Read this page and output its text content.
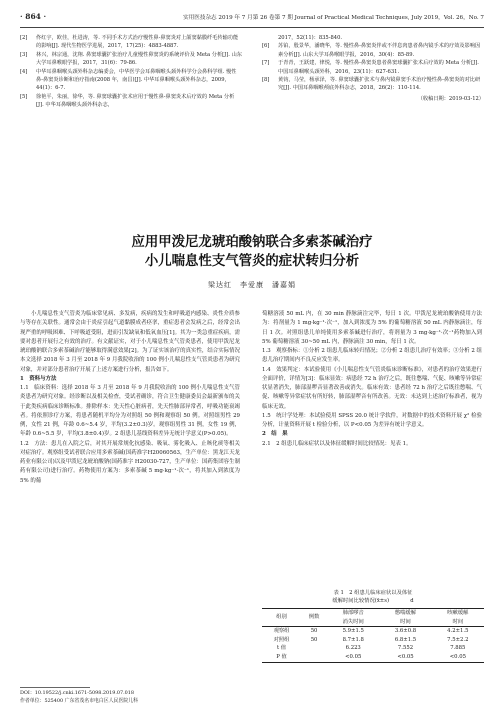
· 864 ·	实用医技杂志 2019 年 7 月第 26 卷第 7 期 Journal of Practical Medical Techniques, July 2019，Vol. 26，No. 7
[2]	佟红宇，欧佳，杜进涛，等. 不同手术方式治疗慢性鼻-鼻窦炎对上颌窦黏膜纤毛传输功能的影响[J]. 现代生物医学进展，2017，17(25)：4883-4887.
[3]	林兴，林宗通，沈翔. 鼻窦球囊扩张治疗儿童慢性鼻窦炎的系统评价及 Meta 分析[J]. 山东大学耳鼻喉眼学报，2017，31(6)：79-86.
[4]	中华耳鼻咽喉头颈外科杂志编委会，中华医学会耳鼻咽喉头颈外科学分会鼻科学组. 慢性鼻-鼻窦炎诊断和治疗指南(2008 年，南昌)[J]. 中华耳鼻咽喉头颈外科杂志，2009，44(1)：6-7.
[5]	徐艳平，朱丽，徐华，等. 鼻窦球囊扩张术应用于慢性鼻-鼻窦炎术后疗效的 Meta 分析[J]. 中华耳鼻咽喉头颈外科杂志，
2017，52(11)：835-840.
[6]	苏铂，殷景华，潘晓华，等. 慢性鼻-鼻窦炎伴或不伴息肉患者鼻内镜手术的疗效及影响因素分析[J]. 山东大学耳鼻喉眼学报，2016，30(4)：85-89.
[7]	于青青，王跃建，律悦，等. 慢性鼻-鼻窦炎患者鼻窦球囊扩张术后疗效的 Meta 分析[J]. 中国耳鼻咽喉头颈外科，2016，23(11)：627-631.
[8]	黄钧，马莹，杨承泽，等. 鼻窦球囊扩张术与鼻内镜鼻窦手术治疗慢性鼻-鼻窦炎的对比研究[J]. 中国耳鼻咽喉颅底外科杂志，2018，26(2)：110-114.
（收稿日期：2019-03-12）
应用甲泼尼龙琥珀酸钠联合多索茶碱治疗
小儿喘息性支气管炎的症状转归分析
梁达红　李爱康　潘嘉娟

小儿喘息性支气管炎为临床常见病、多发病，疾病的发生和呼吸道内感染、炎性介质参与等存在关联性。通常会由于炎症引起气道黏膜成者痉挛，重症患者会发病之后，经常会出现严重的呼吸困难、下呼吸道受阻，进而引发缺氧和低氧血压[1]。其为一类急重症疾病，需要对患者开展行之有效的治疗。有文献证实，对于小儿喘息性支气管炎患者，使用甲泼尼龙琥珀酸钠联合多索茶碱治疗能够取得满意效果[2]。为了证实该治疗的真实性，结合实际情况本文选择 2018 年 3 月至 2018 年 9 月我院收治的 100 例小儿喘息性支气管炎患者为研究对象，并对部分患者治疗开展了上述方案进行分析，报告如下。

1　资料与方法

1.1　临床资料：选择 2018 年 3 月至 2018 年 9 月我院收治的 100 例小儿喘息性支气管炎患者为研究对象。经诊断以及相关检查，受试者确诊，符合卫生健康委员会最新颁布的关于此类疾病临床诊断标准。排除样本：先天性心脏病者，先天性肺部异常者，呼吸功能衰竭者。将依照诊疗方案，将患者随机平均分为对照组 50 例和观察组 50 例。对照组男性 29 例，女性 21 例，年龄 0.6~5.4 岁，平均(3.2±0.3)岁。观察组男性 31 例，女性 19 例，年龄 0.6~5.5 岁，平均(3.8±0.4)岁。2 组患儿基线资料差异无统计学意义(P>0.05)。

1.2　方法：患儿在入院之后，对其开展常规化抗感染、吸氧、雾化吸入、止咳化痰等相关对症治疗。观察组受试者联合应用多索茶碱(国药准字H20060563，生产单位：黑龙江天龙药业有限公司)以及甲泼尼龙琥珀酸钠(国药准字 H20030-727，生产单位：国药集团容生制药有限公司)进行治疗。药物使用方案为：多索茶碱 5 mg·kg⁻¹·次⁻¹，将其加入到浓度为 5% 的葡

萄糖溶液 50 mL 内，在 30 min 静脉滴注完毕，每日 1 次。甲泼尼龙琥珀酸钠使用方法为：将剂量为 1 mg·kg⁻¹·次⁻¹，加入到浓度为 5% 的葡萄糖溶液 50 mL 内静脉滴注，每日 1 次。对照组患儿单纯使用多索茶碱进行治疗，将剂量为 3 mg·kg⁻¹·次⁻¹药物加入到 5% 葡萄糖溶液 30~50 mL 内，静脉滴注 30 min，每日 1 次。

1.3　观察指标：①分析 2 组患儿临床转归情况；②分析 2 组患儿治疗有效率；③分析 2 组患儿治疗期间内不良反应发生率。

1.4　效果判定：本试验使用《小儿喘息性支气管炎临床诊断标准》，对患者的治疗效果进行全面评价，详情为[3]：临床显效：病患经 72 h 治疗之后，既往憋喘、气促、咳嗽等异常症状显著消失，肺部湿啰音显著改善或消失。临床有效：患者经 72 h 治疗之后既往憋喘、气促、咳嗽等异常症状有所好转，肺部湿啰音有所改善。无效：未达到上述治疗标准者，视为临床无效。

1.5　统计学处理：本试验使用 SPSS 20.0 统计学软件，对数据中的技术资料开展 χ² 检验分析，计量资料开展 t 检验分析，以 P<0.05 为差异有统计学意义。

2　结　果

2.1　2 组患儿临床症状以及体征缓解时间比较情况：见表 1。

表 1　2 组患儿临床症状以及体征
缓解时间比较情况(x̄±s)　　　　d
组别	例数	肺部啰音	憋喘缓解	咳嗽缓解
		消失时间	时间	时间
观察组	50	5.9±1.5	3.6±0.8	4.2±1.5
对照组	50	8.7±1.8	6.8±1.5	7.5±2.2
t 值		6.223	7.552	7.885
P 值		<0.05	<0.05	<0.05
DOI：10.19522/j.cnki.1671-5098.2019.07.018
作者单位：525400 广东省茂名市电白区人民医院儿科
